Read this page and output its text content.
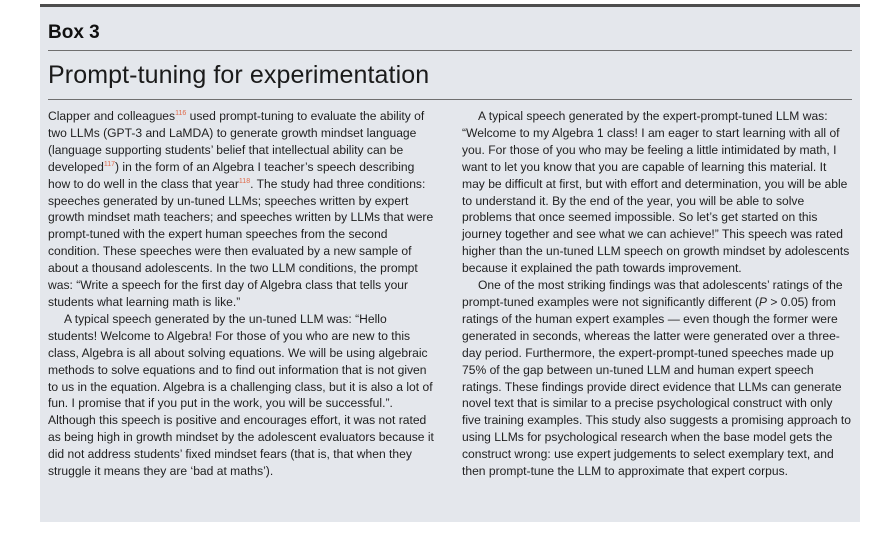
Box 3
Prompt-tuning for experimentation

Clapper and colleagues$^{116}$ used prompt-tuning to evaluate the ability of two LLMs (GPT-3 and LaMDA) to generate growth mindset language (language supporting students’ belief that intellectual ability can be developed$^{117}$) in the form of an Algebra I teacher’s speech describing how to do well in the class that year$^{118}$. The study had three conditions: speeches generated by un-tuned LLMs; speeches written by expert growth mindset math teachers; and speeches written by LLMs that were prompt-tuned with the expert human speeches from the second condition. These speeches were then evaluated by a new sample of about a thousand adolescents. In the two LLM conditions, the prompt was: “Write a speech for the first day of Algebra class that tells your students what learning math is like.”

A typical speech generated by the un-tuned LLM was: “Hello students! Welcome to Algebra! For those of you who are new to this class, Algebra is all about solving equations. We will be using algebraic methods to solve equations and to find out information that is not given to us in the equation. Algebra is a challenging class, but it is also a lot of fun. I promise that if you put in the work, you will be successful.”. Although this speech is positive and encourages effort, it was not rated as being high in growth mindset by the adolescent evaluators because it did not address students’ fixed mindset fears (that is, that when they struggle it means they are ‘bad at maths’).

A typical speech generated by the expert-prompt-tuned LLM was: “Welcome to my Algebra 1 class! I am eager to start learning with all of you. For those of you who may be feeling a little intimidated by math, I want to let you know that you are capable of learning this material. It may be difficult at first, but with effort and determination, you will be able to understand it. By the end of the year, you will be able to solve problems that once seemed impossible. So let’s get started on this journey together and see what we can achieve!” This speech was rated higher than the un-tuned LLM speech on growth mindset by adolescents because it explained the path towards improvement.

One of the most striking findings was that adolescents’ ratings of the prompt-tuned examples were not significantly different (P > 0.05) from ratings of the human expert examples — even though the former were generated in seconds, whereas the latter were generated over a three-day period. Furthermore, the expert-prompt-tuned speeches made up 75% of the gap between un-tuned LLM and human expert speech ratings. These findings provide direct evidence that LLMs can generate novel text that is similar to a precise psychological construct with only five training examples. This study also suggests a promising approach to using LLMs for psychological research when the base model gets the construct wrong: use expert judgements to select exemplary text, and then prompt-tune the LLM to approximate that expert corpus.
